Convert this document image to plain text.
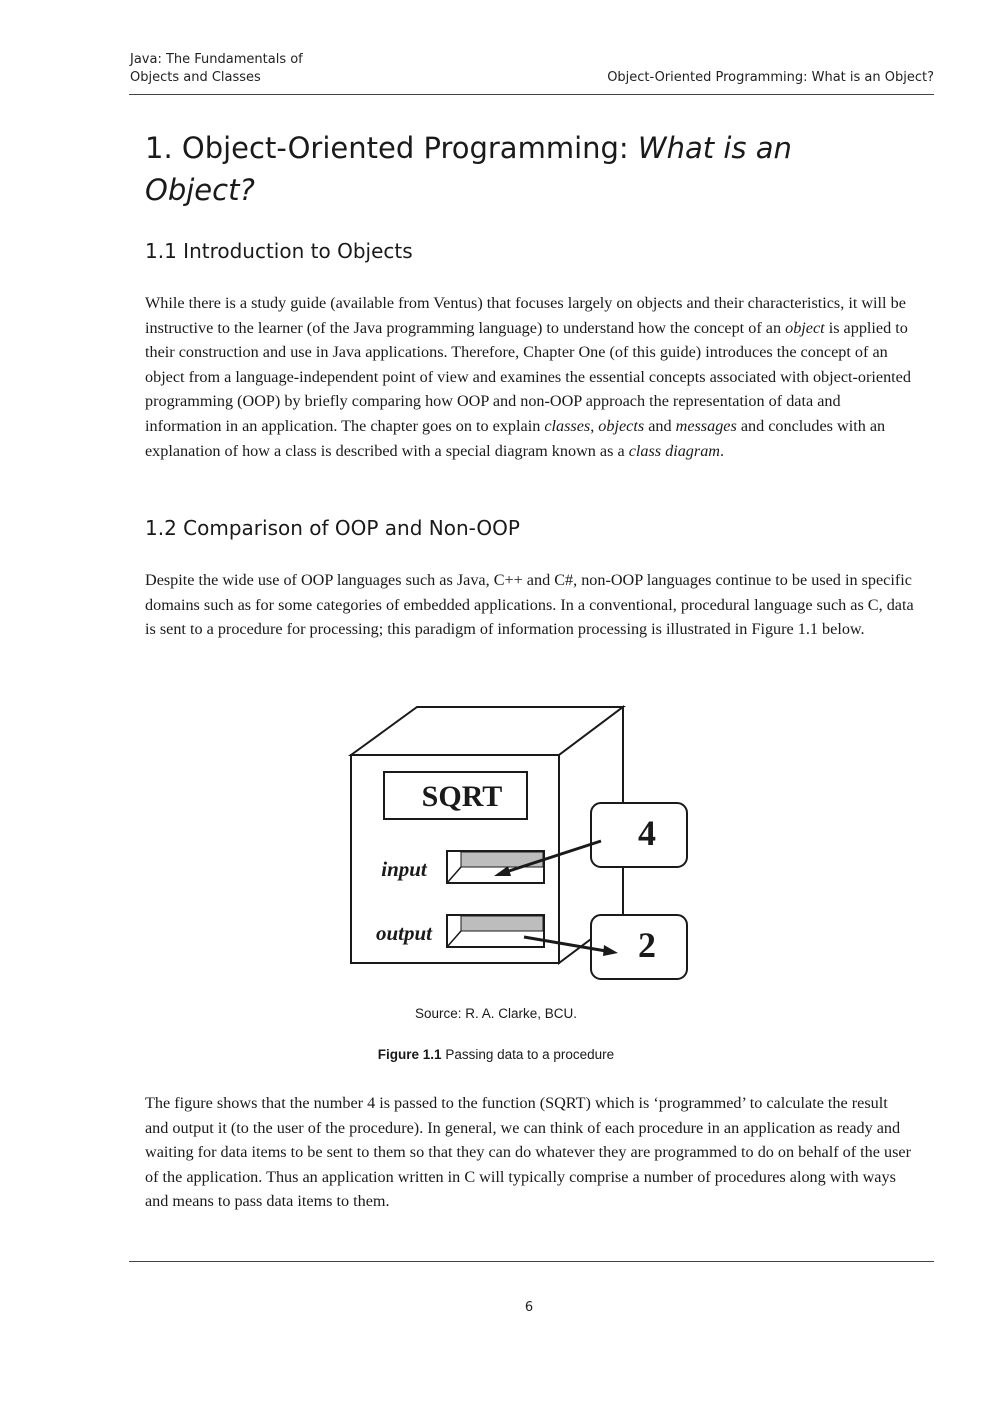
Java: The Fundamentals of
Objects and Classes	Object-Oriented Programming: What is an Object?
1. Object-Oriented Programming: What is an Object?
1.1 Introduction to Objects

While there is a study guide (available from Ventus) that focuses largely on objects and their characteristics, it will be instructive to the learner (of the Java programming language) to understand how the concept of an object is applied to their construction and use in Java applications. Therefore, Chapter One (of this guide) introduces the concept of an object from a language-independent point of view and examines the essential concepts associated with object-oriented programming (OOP) by briefly comparing how OOP and non-OOP approach the representation of data and information in an application. The chapter goes on to explain classes, objects and messages and concludes with an explanation of how a class is described with a special diagram known as a class diagram.

1.2 Comparison of OOP and Non-OOP

Despite the wide use of OOP languages such as Java, C++ and C#, non-OOP languages continue to be used in specific domains such as for some categories of embedded applications. In a conventional, procedural language such as C, data is sent to a procedure for processing; this paradigm of information processing is illustrated in Figure 1.1 below.

SQRT
input
output
4
2
Source: R. A. Clarke, BCU.
Figure 1.1 Passing data to a procedure

The figure shows that the number 4 is passed to the function (SQRT) which is ‘programmed’ to calculate the result and output it (to the user of the procedure). In general, we can think of each procedure in an application as ready and waiting for data items to be sent to them so that they can do whatever they are programmed to do on behalf of the user of the application. Thus an application written in C will typically comprise a number of procedures along with ways and means to pass data items to them.

6
